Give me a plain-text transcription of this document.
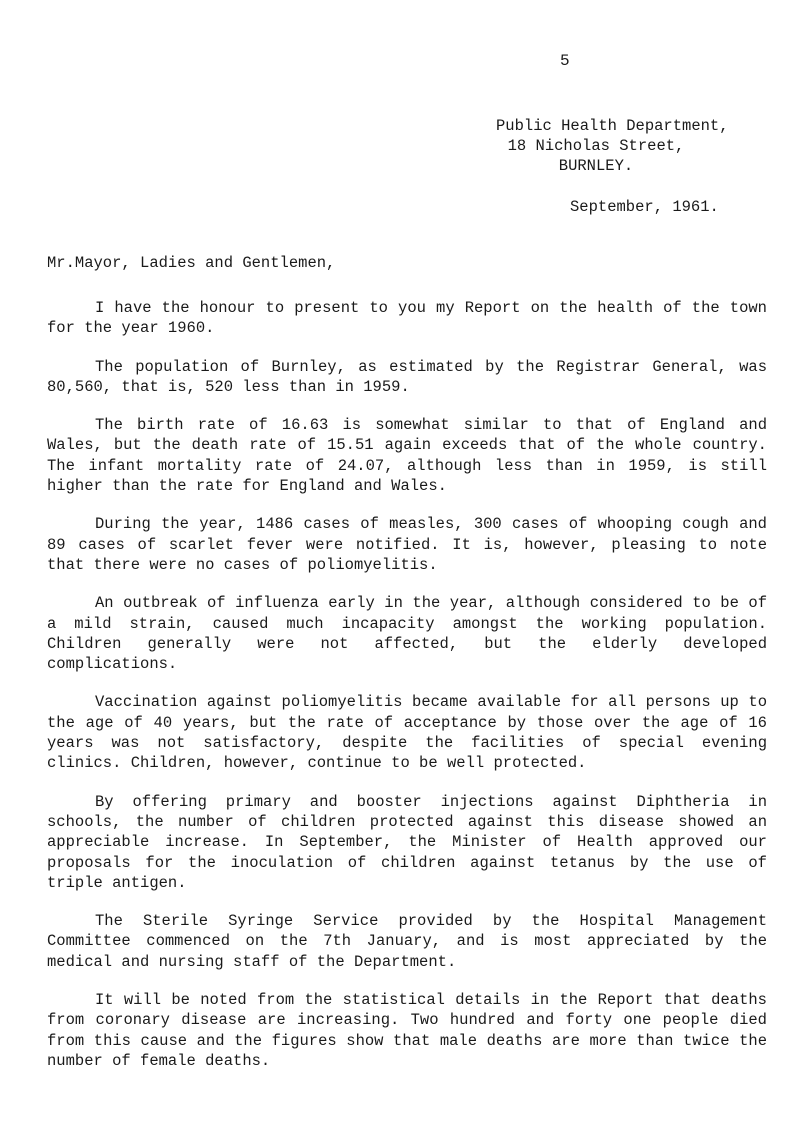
5
Public Health Department,
18 Nicholas Street,
BURNLEY.
September, 1961.
Mr.Mayor, Ladies and Gentlemen,

I have the honour to present to you my Report on the health of the town for the year 1960.

The population of Burnley, as estimated by the Registrar General, was 80,560, that is, 520 less than in 1959.

The birth rate of 16.63 is somewhat similar to that of England and Wales, but the death rate of 15.51 again exceeds that of the whole country. The infant mortality rate of 24.07, although less than in 1959, is still higher than the rate for England and Wales.

During the year, 1486 cases of measles, 300 cases of whooping cough and 89 cases of scarlet fever were notified. It is, however, pleasing to note that there were no cases of poliomyelitis.

An outbreak of influenza early in the year, although considered to be of a mild strain, caused much incapacity amongst the working population. Children generally were not affected, but the elderly developed complications.

Vaccination against poliomyelitis became available for all persons up to the age of 40 years, but the rate of acceptance by those over the age of 16 years was not satisfactory, despite the facilities of special evening clinics. Children, however, continue to be well protected.

By offering primary and booster injections against Diphtheria in schools, the number of children protected against this disease showed an appreciable increase. In September, the Minister of Health approved our proposals for the inoculation of children against tetanus by the use of triple antigen.

The Sterile Syringe Service provided by the Hospital Management Committee commenced on the 7th January, and is most appreciated by the medical and nursing staff of the Department.

It will be noted from the statistical details in the Report that deaths from coronary disease are increasing. Two hundred and forty one people died from this cause and the figures show that male deaths are more than twice the number of female deaths.
